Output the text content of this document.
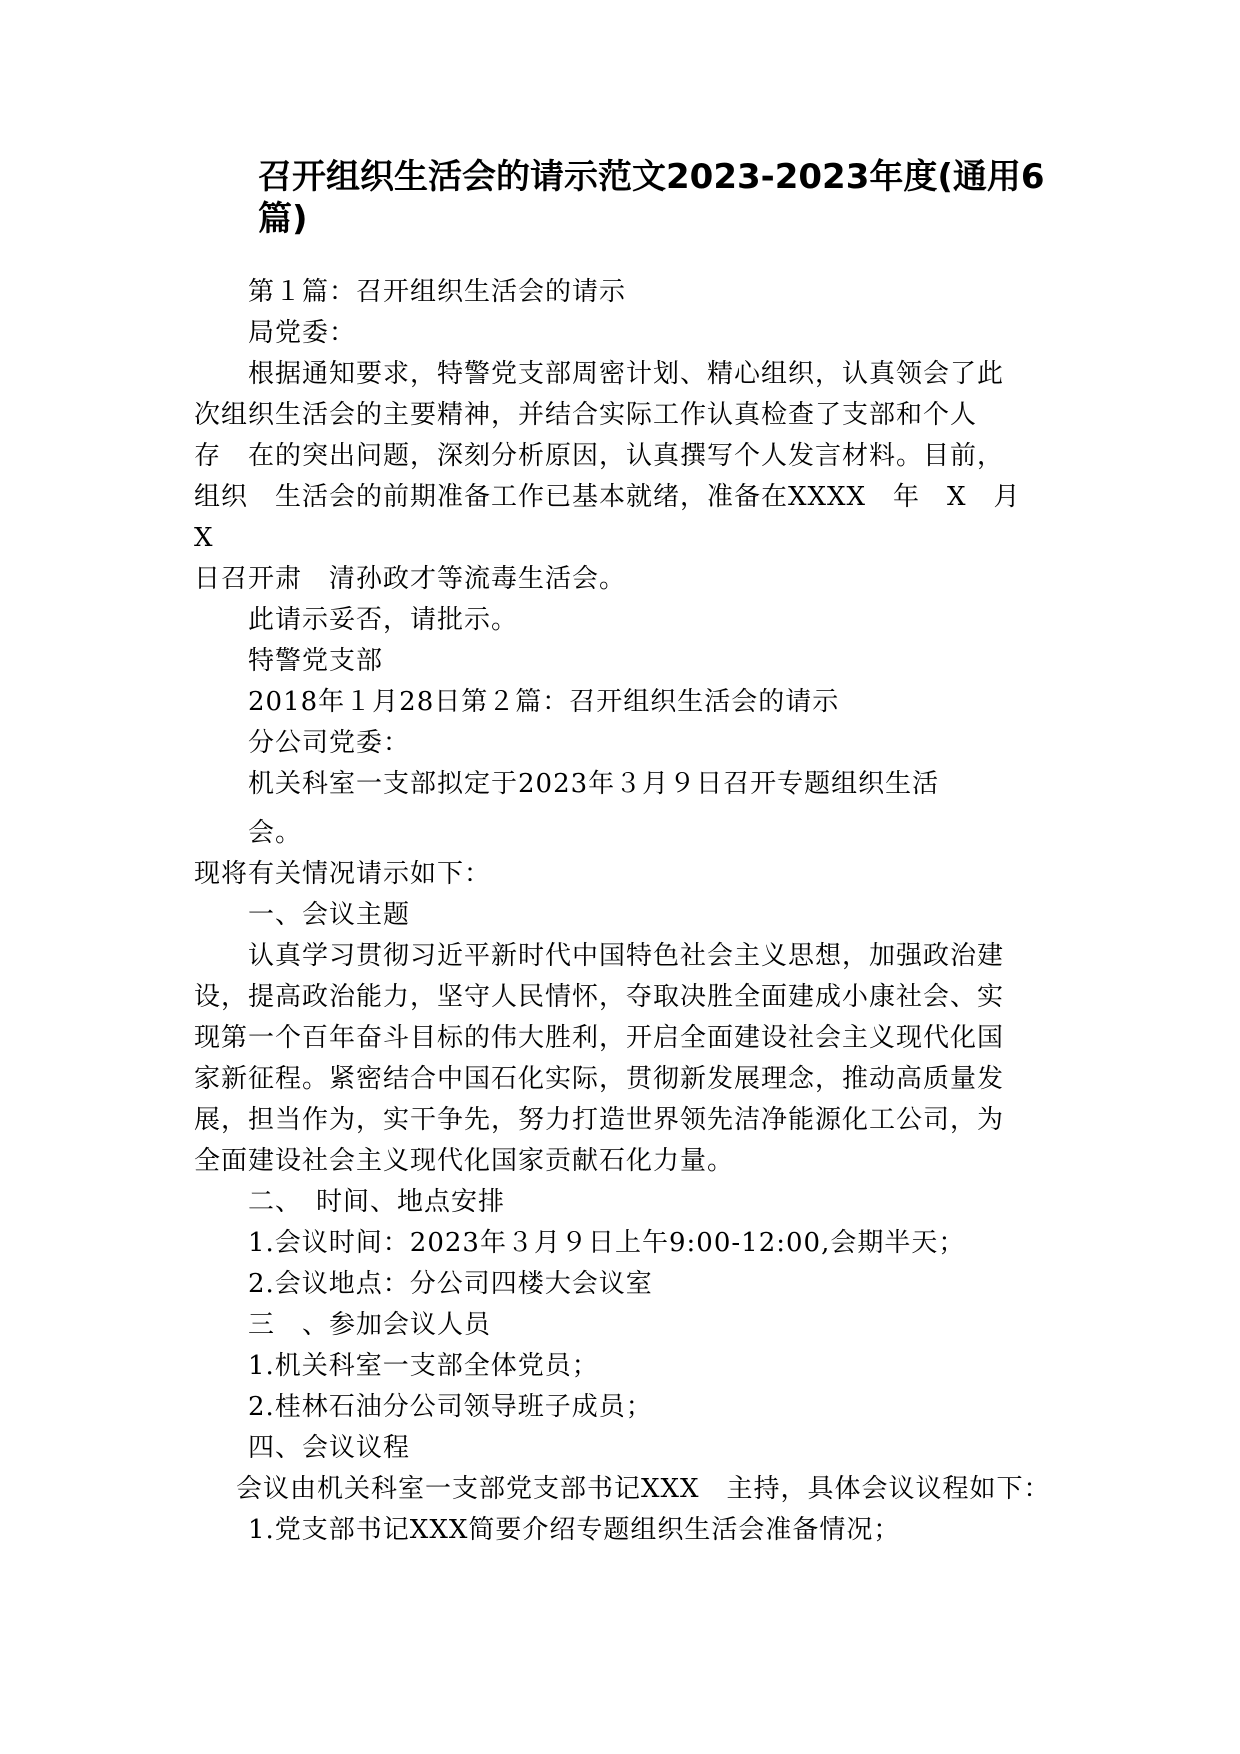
召开组织生活会的请示范文2023-2023年度(通用6
篇)

第１篇：召开组织生活会的请示

局党委：

根据通知要求，特警党支部周密计划、精心组织，认真领会了此

次组织生活会的主要精神，并结合实际工作认真检查了支部和个人

存　在的突出问题，深刻分析原因，认真撰写个人发言材料。目前，

组织　生活会的前期准备工作已基本就绪，准备在XXXX　年　X　月　X

日召开肃　清孙政才等流毒生活会。

此请示妥否，请批示。

特警党支部

2018年１月28日第２篇：召开组织生活会的请示

分公司党委：

机关科室一支部拟定于2023年３月９日召开专题组织生活

会。

现将有关情况请示如下：

一、会议主题

认真学习贯彻习近平新时代中国特色社会主义思想，加强政治建

设，提高政治能力，坚守人民情怀，夺取决胜全面建成小康社会、实

现第一个百年奋斗目标的伟大胜利，开启全面建设社会主义现代化国

家新征程。紧密结合中国石化实际，贯彻新发展理念，推动高质量发

展，担当作为，实干争先，努力打造世界领先洁净能源化工公司，为

全面建设社会主义现代化国家贡献石化力量。

二、　时间、地点安排

1.会议时间：2023年３月９日上午9:00-12:00,会期半天；

2.会议地点：分公司四楼大会议室

三　、参加会议人员

1.机关科室一支部全体党员；

2.桂林石油分公司领导班子成员；

四、会议议程

会议由机关科室一支部党支部书记XXX　主持，具体会议议程如下：

1.党支部书记XXX简要介绍专题组织生活会准备情况；
